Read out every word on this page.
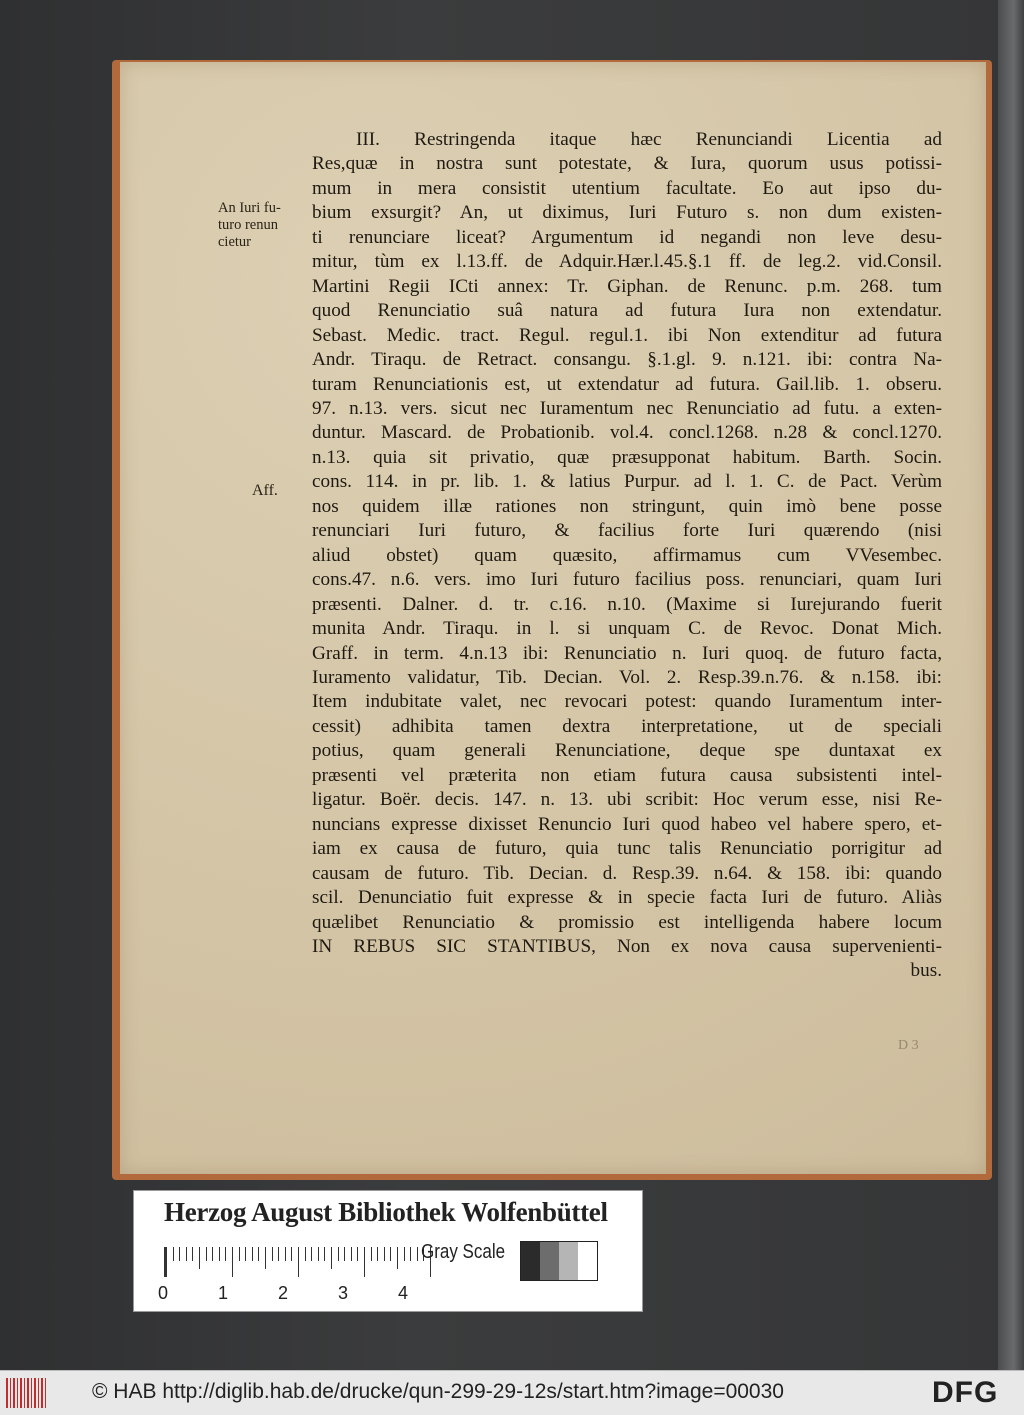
An Iuri fu-
turo renun
cietur
Aff.
III. Restringenda itaque hæc Renunciandi Licentia ad
Res,quæ in nostra sunt potestate, & Iura, quorum usus potissi-
mum in mera consistit utentium facultate. Eo aut ipso du-
bium exsurgit? An, ut diximus, Iuri Futuro s. non dum existen-
ti renunciare liceat? Argumentum id negandi non leve desu-
mitur, tùm ex l.13.ff. de Adquir.Hær.l.45.§.1 ff. de leg.2. vid.Consil.
Martini Regii ICti annex: Tr. Giphan. de Renunc. p.m. 268. tum
quod Renunciatio suâ natura ad futura Iura non extendatur.
Sebast. Medic. tract. Regul. regul.1. ibi Non extenditur ad futura
Andr. Tiraqu. de Retract. consangu. §.1.gl. 9. n.121. ibi: contra Na-
turam Renunciationis est, ut extendatur ad futura. Gail.lib. 1. obseru.
97. n.13. vers. sicut nec Iuramentum nec Renunciatio ad futu. a exten-
duntur. Mascard. de Probationib. vol.4. concl.1268. n.28 & concl.1270.
n.13. quia sit privatio, quæ præsupponat habitum. Barth. Socin.
cons. 114. in pr. lib. 1. & latius Purpur. ad l. 1. C. de Pact. Verùm
nos quidem illæ rationes non stringunt, quin imò bene posse
renunciari Iuri futuro, & facilius forte Iuri quærendo (nisi
aliud obstet) quam quæsito, affirmamus cum VVesembec.
cons.47. n.6. vers. imo Iuri futuro facilius poss. renunciari, quam Iuri
præsenti. Dalner. d. tr. c.16. n.10. (Maxime si Iurejurando fuerit
munita Andr. Tiraqu. in l. si unquam C. de Revoc. Donat Mich.
Graff. in term. 4.n.13 ibi: Renunciatio n. Iuri quoq. de futuro facta,
Iuramento validatur, Tib. Decian. Vol. 2. Resp.39.n.76. & n.158. ibi:
Item indubitate valet, nec revocari potest: quando Iuramentum inter-
cessit) adhibita tamen dextra interpretatione, ut de speciali
potius, quam generali Renunciatione, deque spe duntaxat ex
præsenti vel præterita non etiam futura causa subsistenti intel-
ligatur. Boër. decis. 147. n. 13. ubi scribit: Hoc verum esse, nisi Re-
nuncians expresse dixisset Renuncio Iuri quod habeo vel habere spero, et-
iam ex causa de futuro, quia tunc talis Renunciatio porrigitur ad
causam de futuro. Tib. Decian. d. Resp.39. n.64. & 158. ibi: quando
scil. Denunciatio fuit expresse & in specie facta Iuri de futuro. Aliàs
quælibet Renunciatio & promissio est intelligenda habere locum
IN REBUS SIC STANTIBUS, Non ex nova causa supervenienti-
bus.
D 3
Herzog August Bibliothek Wolfenbüttel
0	1	2	3	4
Gray Scale
© HAB http://diglib.hab.de/drucke/qun-299-29-12s/start.htm?image=00030	DFG
